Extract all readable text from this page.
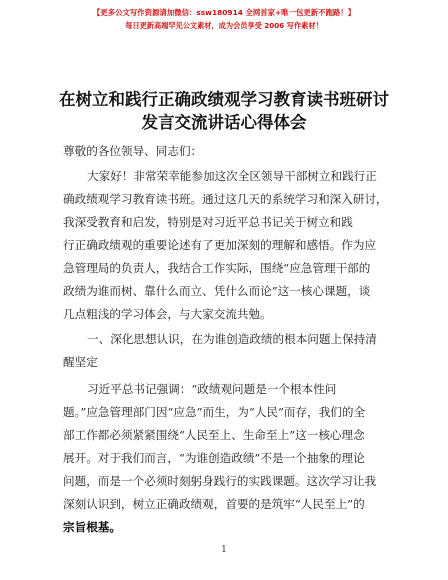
【更多公文写作资源请加微信：ssw180914 全网首家+唯一包更新不跑路！】
每日更新高端罕见公文素材，成为会员享受 2006 写作素材！
在树立和践行正确政绩观学习教育读书班研讨
发言交流讲话心得体会
尊敬的各位领导、同志们：
大家好！非常荣幸能参加这次全区领导干部树立和践行正
确政绩观学习教育读书班。通过这几天的系统学习和深入研讨，
我深受教育和启发，特别是对习近平总书记关于树立和践
行正确政绩观的重要论述有了更加深刻的理解和感悟。作为应
急管理局的负责人，我结合工作实际，围绕“应急管理干部的
政绩为谁而树、靠什么而立、凭什么而论”这一核心课题，谈
几点粗浅的学习体会，与大家交流共勉。
一、深化思想认识，在为谁创造政绩的根本问题上保持清
醒坚定
习近平总书记强调：“政绩观问题是一个根本性问
题。”应急管理部门因“应急”而生，为“人民”而存，我们的全
部工作都必须紧紧围绕“人民至上、生命至上”这一核心理念
展开。对于我们而言，“为谁创造政绩”不是一个抽象的理论
问题，而是一个必须时刻躬身践行的实践课题。这次学习让我
深刻认识到，树立正确政绩观，首要的是筑牢“人民至上”的
宗旨根基。
1
